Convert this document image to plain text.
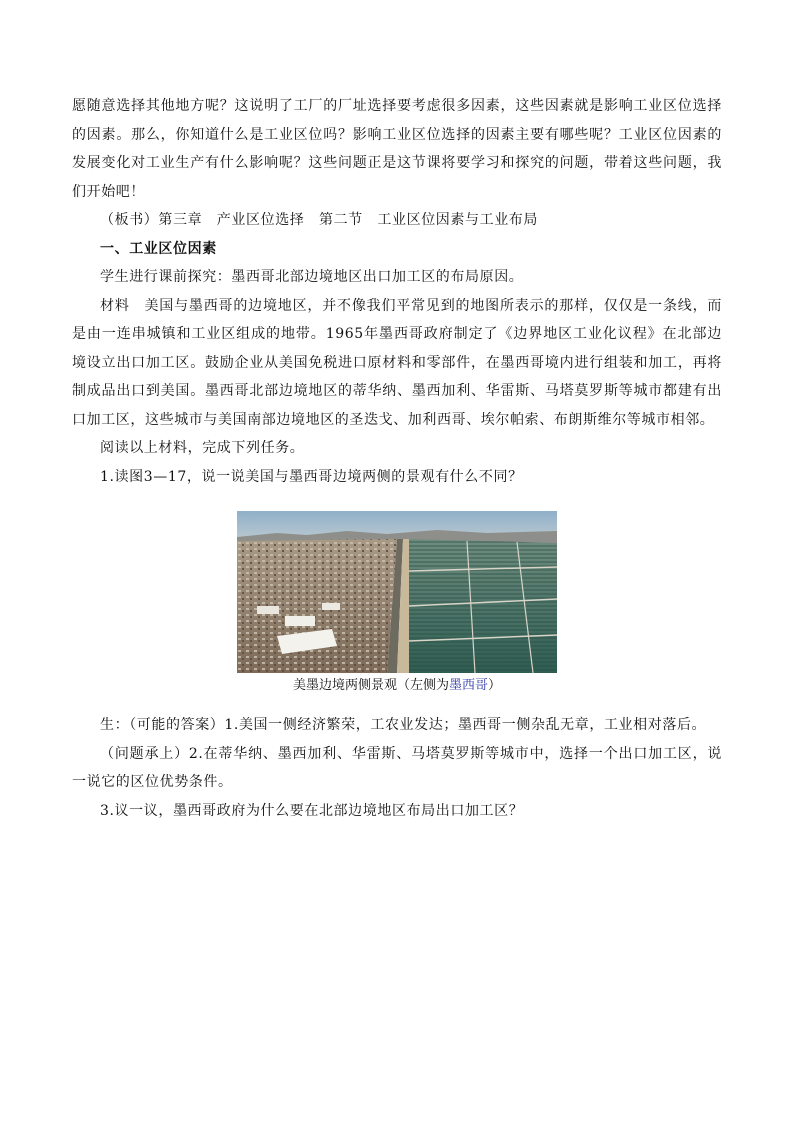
愿随意选择其他地方呢？这说明了工厂的厂址选择要考虑很多因素，这些因素就是影响工业区位选择的因素。那么，你知道什么是工业区位吗？影响工业区位选择的因素主要有哪些呢？工业区位因素的发展变化对工业生产有什么影响呢？这些问题正是这节课将要学习和探究的问题，带着这些问题，我们开始吧！

（板书）第三章　产业区位选择　第二节　工业区位因素与工业布局

一、工业区位因素

学生进行课前探究：墨西哥北部边境地区出口加工区的布局原因。

材料　美国与墨西哥的边境地区，并不像我们平常见到的地图所表示的那样，仅仅是一条线，而是由一连串城镇和工业区组成的地带。1965年墨西哥政府制定了《边界地区工业化议程》在北部边境设立出口加工区。鼓励企业从美国免税进口原材料和零部件，在墨西哥境内进行组装和加工，再将制成品出口到美国。墨西哥北部边境地区的蒂华纳、墨西加利、华雷斯、马塔莫罗斯等城市都建有出口加工区，这些城市与美国南部边境地区的圣迭戈、加利西哥、埃尔帕索、布朗斯维尔等城市相邻。

阅读以上材料，完成下列任务。

1.读图3—17，说一说美国与墨西哥边境两侧的景观有什么不同？

美墨边境两侧景观（左侧为墨西哥）

生：（可能的答案）1.美国一侧经济繁荣，工农业发达；墨西哥一侧杂乱无章，工业相对落后。

（问题承上）2.在蒂华纳、墨西加利、华雷斯、马塔莫罗斯等城市中，选择一个出口加工区，说一说它的区位优势条件。

3.议一议，墨西哥政府为什么要在北部边境地区布局出口加工区？
